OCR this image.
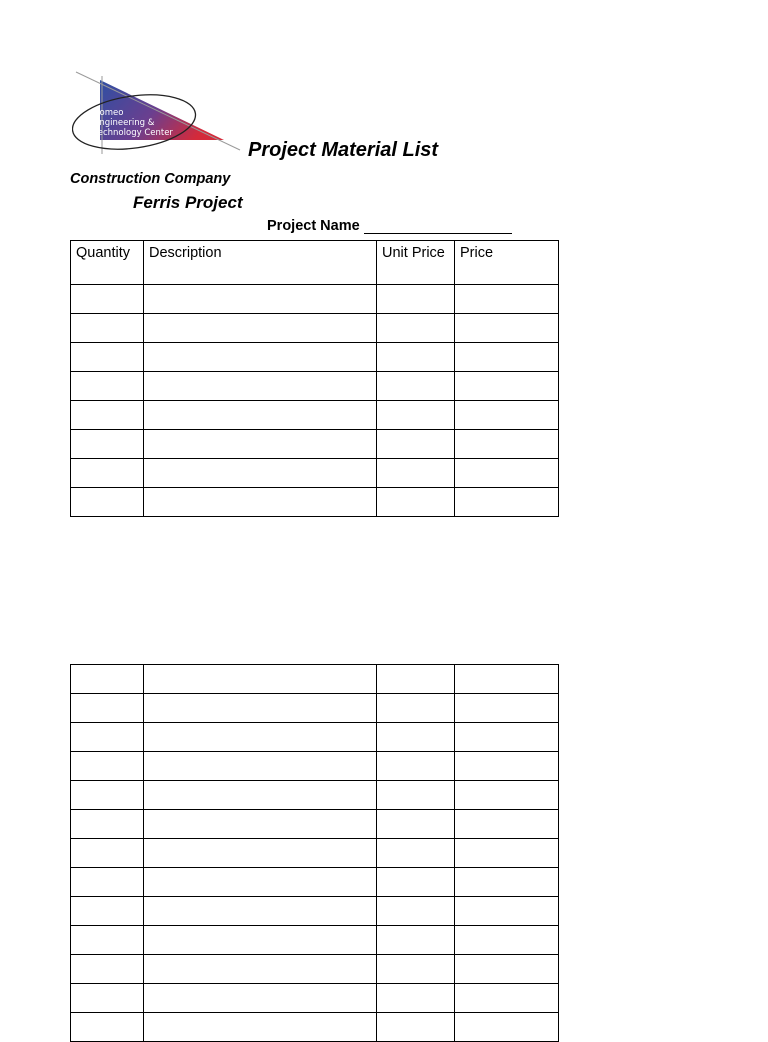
Romeo
Engineering &
Technology Center
Project Material List
Construction Company
Ferris Project
Project Name
Quantity	Description	Unit Price	Price
